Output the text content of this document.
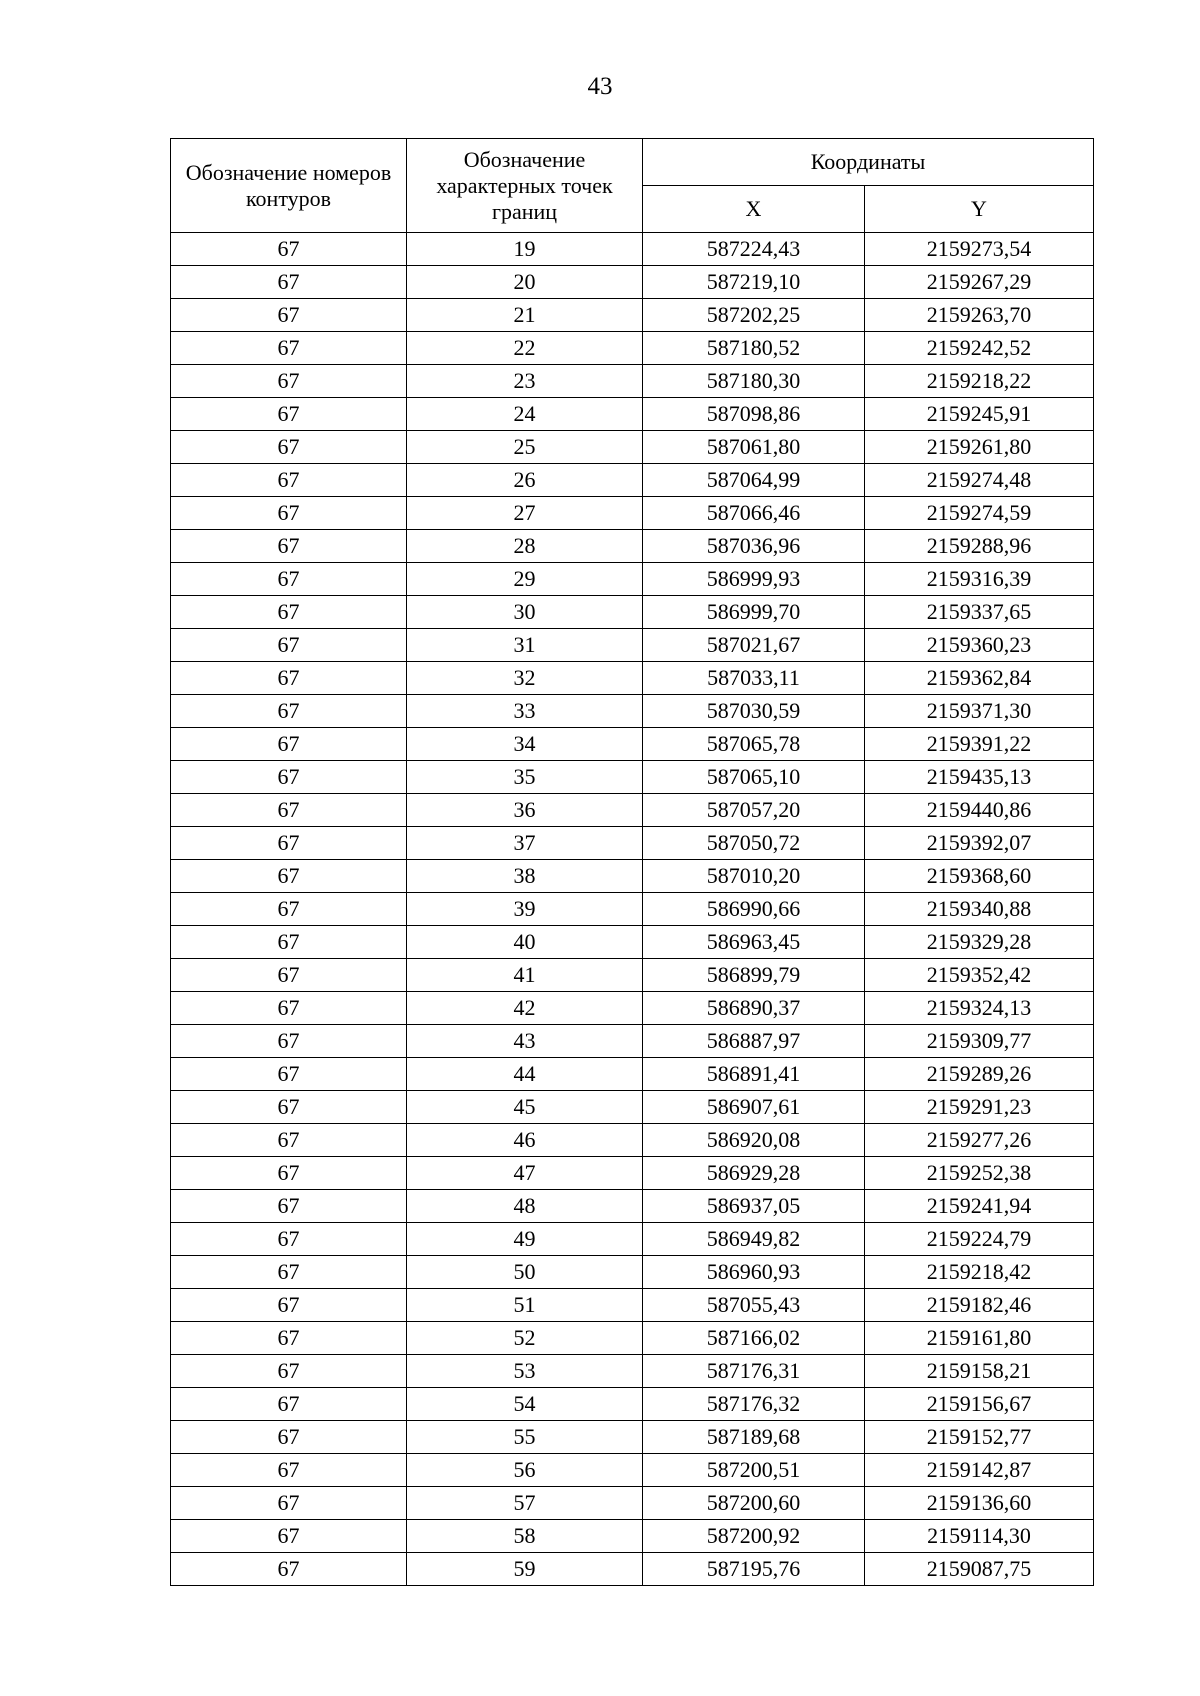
43
Обозначение номеров контуров	Обозначение характерных точек границ	Координаты	
		X	Y
67	19	587224,43	2159273,54
67	20	587219,10	2159267,29
67	21	587202,25	2159263,70
67	22	587180,52	2159242,52
67	23	587180,30	2159218,22
67	24	587098,86	2159245,91
67	25	587061,80	2159261,80
67	26	587064,99	2159274,48
67	27	587066,46	2159274,59
67	28	587036,96	2159288,96
67	29	586999,93	2159316,39
67	30	586999,70	2159337,65
67	31	587021,67	2159360,23
67	32	587033,11	2159362,84
67	33	587030,59	2159371,30
67	34	587065,78	2159391,22
67	35	587065,10	2159435,13
67	36	587057,20	2159440,86
67	37	587050,72	2159392,07
67	38	587010,20	2159368,60
67	39	586990,66	2159340,88
67	40	586963,45	2159329,28
67	41	586899,79	2159352,42
67	42	586890,37	2159324,13
67	43	586887,97	2159309,77
67	44	586891,41	2159289,26
67	45	586907,61	2159291,23
67	46	586920,08	2159277,26
67	47	586929,28	2159252,38
67	48	586937,05	2159241,94
67	49	586949,82	2159224,79
67	50	586960,93	2159218,42
67	51	587055,43	2159182,46
67	52	587166,02	2159161,80
67	53	587176,31	2159158,21
67	54	587176,32	2159156,67
67	55	587189,68	2159152,77
67	56	587200,51	2159142,87
67	57	587200,60	2159136,60
67	58	587200,92	2159114,30
67	59	587195,76	2159087,75
